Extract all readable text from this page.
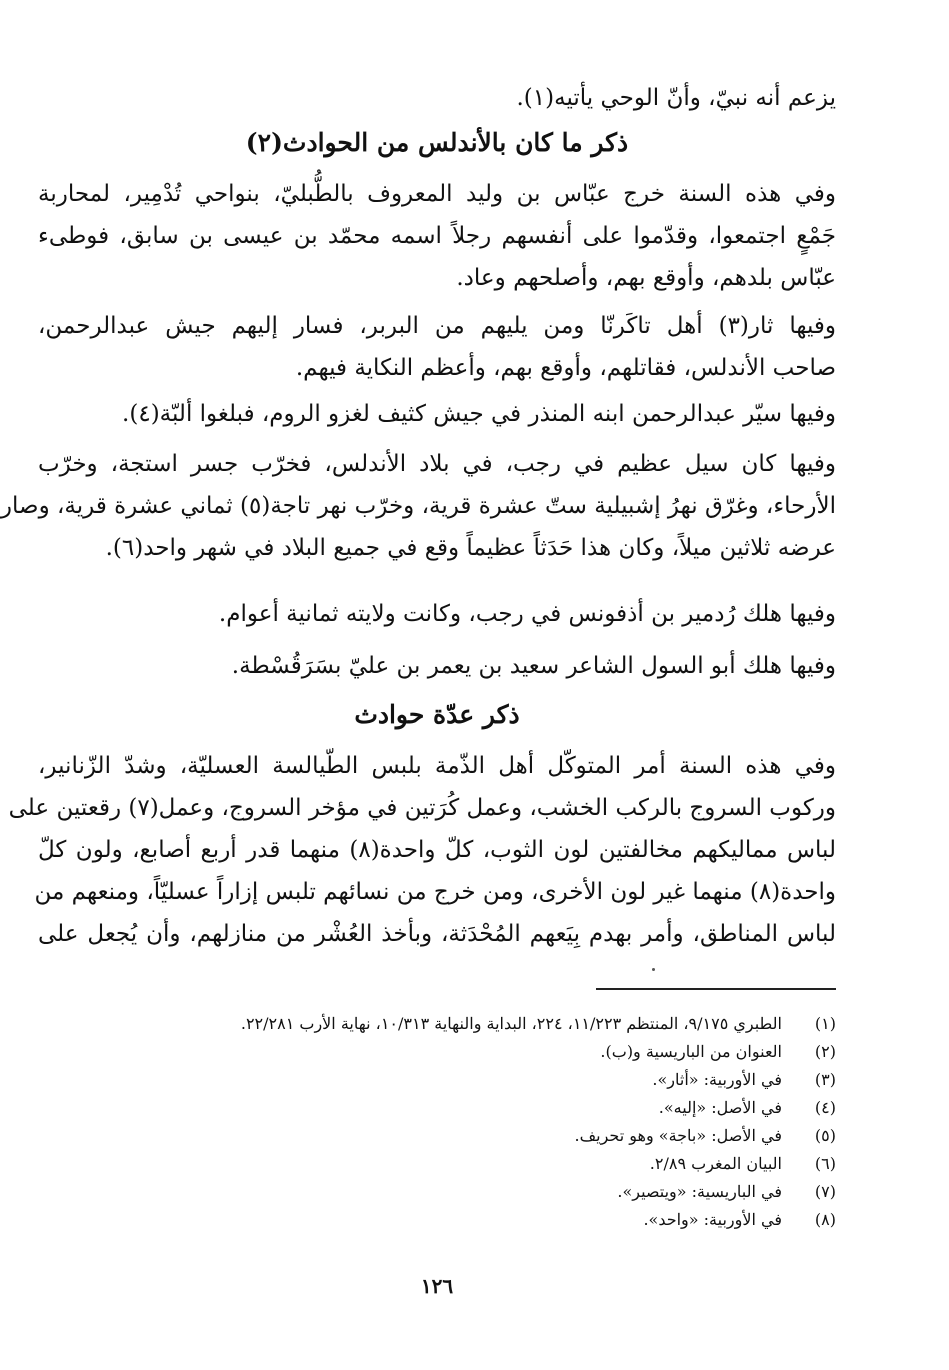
يزعم أنه نبيّ، وأنّ الوحي يأتيه(١).
ذكر ما كان بالأندلس من الحوادث(٢)
وفي هذه السنة خرج عبّاس بن وليد المعروف بالطُّبليّ، بنواحي تُدْمِير، لمحاربة
جَمْعٍ اجتمعوا، وقدّموا على أنفسهم رجلاً اسمه محمّد بن عيسى بن سابق، فوطىء
عبّاس بلدهم، وأوقع بهم، وأصلحهم وعاد.
وفيها ثار(٣) أهل تاكَرنّا ومن يليهم من البربر، فسار إليهم جيش عبدالرحمن،
صاحب الأندلس، فقاتلهم، وأوقع بهم، وأعظم النكاية فيهم.
وفيها سيّر عبدالرحمن ابنه المنذر في جيش كثيف لغزو الروم، فبلغوا ألبّة(٤).
وفيها كان سيل عظيم في رجب، في بلاد الأندلس، فخرّب جسر استجة، وخرّب
الأرحاء، وغرّق نهرُ إشبيلية ستّ عشرة قرية، وخرّب نهر تاجة(٥) ثماني عشرة قرية، وصار
عرضه ثلاثين ميلاً، وكان هذا حَدَثاً عظيماً وقع في جميع البلاد في شهر واحد(٦).
وفيها هلك رُدمير بن أذفونس في رجب، وكانت ولايته ثمانية أعوام.
وفيها هلك أبو السول الشاعر سعيد بن يعمر بن عليّ بسَرَقُسْطة.
ذكر عدّة حوادث
وفي هذه السنة أمر المتوكّل أهل الذّمة بلبس الطّيالسة العسليّة، وشدّ الزّنانير،
وركوب السروج بالركب الخشب، وعمل كُرَتين في مؤخر السروج، وعمل(٧) رقعتين على
لباس مماليكهم مخالفتين لون الثوب، كلّ واحدة(٨) منهما قدر أربع أصابع، ولون كلّ
واحدة(٨) منهما غير لون الأخرى، ومن خرج من نسائهم تلبس إزاراً عسليّاً، ومنعهم من
لباس المناطق، وأمر بهدم بِيَعهم المُحْدَثة، وبأخذ العُشْر من منازلهم، وأن يُجعل على
(١)
الطبري ٩/١٧٥، المنتظم ١١/٢٢٣، ٢٢٤، البداية والنهاية ١٠/٣١٣، نهاية الأرب ٢٢/٢٨١.
(٢)
العنوان من الباريسية و(ب).
(٣)
في الأوربية: «أثار».
(٤)
في الأصل: «إليه».
(٥)
في الأصل: «باجة» وهو تحريف.
(٦)
البيان المغرب ٢/٨٩.
(٧)
في الباريسية: «ويتصير».
(٨)
في الأوربية: «واحد».
١٢٦
